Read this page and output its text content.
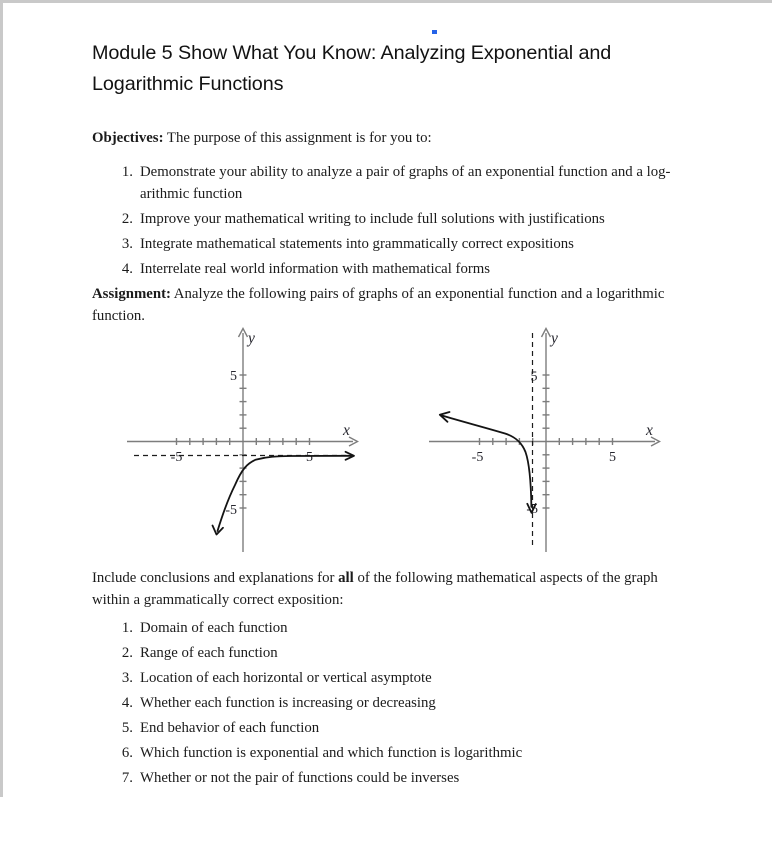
Module 5 Show What You Know: Analyzing Exponential and
Logarithmic Functions
Objectives: The purpose of this assignment is for you to:
1. Demonstrate your ability to analyze a pair of graphs of an exponential function and a log-
arithmic function
2. Improve your mathematical writing to include full solutions with justifications
3. Integrate mathematical statements into grammatically correct expositions
4. Interrelate real world information with mathematical forms
Assignment: Analyze the following pairs of graphs of an exponential function and a logarithmic
function.
y
x
5
-5	5
-5
y
x
5
-5	5
-5
Include conclusions and explanations for all of the following mathematical aspects of the graph
within a grammatically correct exposition:
1. Domain of each function
2. Range of each function
3. Location of each horizontal or vertical asymptote
4. Whether each function is increasing or decreasing
5. End behavior of each function
6. Which function is exponential and which function is logarithmic
7. Whether or not the pair of functions could be inverses
